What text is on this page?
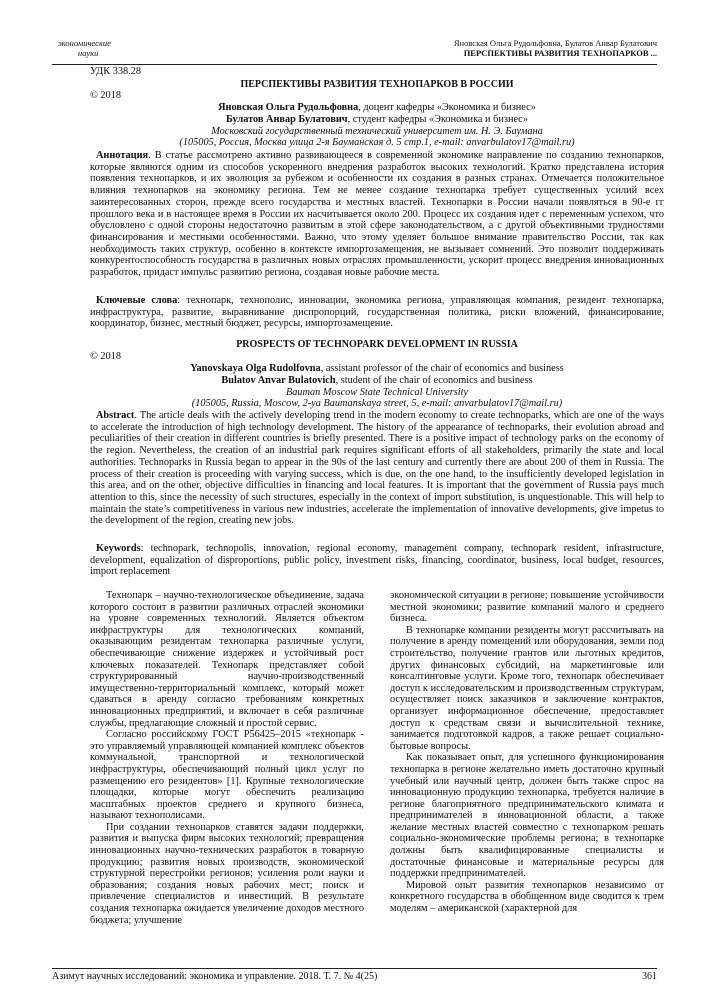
экономические
науки
Яновская Ольга Рудольфовна, Булатов Анвар Булатович
ПЕРСПЕКТИВЫ РАЗВИТИЯ ТЕХНОПАРКОВ ...
УДК 338.28
ПЕРСПЕКТИВЫ РАЗВИТИЯ ТЕХНОПАРКОВ В РОССИИ
© 2018
Яновская Ольга Рудольфовна, доцент кафедры «Экономика и бизнес»
Булатов Анвар Булатович, студент кафедры «Экономика и бизнес»
Московский государственный технический университет им. Н. Э. Баумана
(105005, Россия, Москва улица 2-я Бауманская д. 5 стр.1, e-mail: anvarbulatov17@mail.ru)
Аннотация. В статье рассмотрено активно развивающееся в современной экономике направление по созданию технопарков, которые являются одним из способов ускоренного внедрения разработок высоких технологий. Кратко представлена история появления технопарков, и их эволюция за рубежом и особенности их создания в разных странах. Отмечается положительное влияния технопарков на экономику региона. Тем не менее создание технопарка требует существенных усилий всех заинтересованных сторон, прежде всего государства и местных властей. Технопарки в России начали появляться в 90-е гг прошлого века и в настоящее время в России их насчитывается около 200. Процесс их создания идет с переменным успехом, что обусловлено с одной стороны недостаточно развитым в этой сфере законодательством, а с другой объективными трудностями финансирования и местными особенностями. Важно, что этому уделяет большое внимание правительство России, так как необходимость таких структур, особенно в контексте импортозамещения, не вызывает сомнений. Это позволит поддерживать конкурентоспособность государства в различных новых отраслях промышленности, ускорит процесс внедрения инновационных разработок, придаст импульс развитию региона, создавая новые рабочие места.
Ключевые слова: технопарк, технополис, инновации, экономика региона, управляющая компания, резидент технопарка, инфраструктура, развитие, выравнивание диспропорций, государственная политика, риски вложений, финансирование, координатор, бизнес, местный бюджет, ресурсы, импортозамещение.
PROSPECTS OF TECHNOPARK DEVELOPMENT IN RUSSIA
© 2018
Yanovskaya Olga Rudolfovna, assistant professor of the chair of economics and business
Bulatov Anvar Bulatovich, student of the chair of economics and business
Bauman Moscow State Technical University
(105005, Russia, Moscow, 2-ya Baumanskaya street, 5, e-mail: anvarbulatov17@mail.ru)
Abstract. The article deals with the actively developing trend in the modern economy to create technoparks, which are one of the ways to accelerate the introduction of high technology development. The history of the appearance of technoparks, their evolution abroad and peculiarities of their creation in different countries is briefly presented. There is a positive impact of technology parks on the economy of the region. Nevertheless, the creation of an industrial park requires significant efforts of all stakeholders, primarily the state and local authorities. Technoparks in Russia began to appear in the 90s of the last century and currently there are about 200 of them in Russia. The process of their creation is proceeding with varying success, which is due, on the one hand, to the insufficiently developed legislation in this area, and on the other, objective difficulties in financing and local features. It is important that the government of Russia pays much attention to this, since the necessity of such structures, especially in the context of import substitution, is unquestionable. This will help to maintain the state’s competitiveness in various new industries, accelerate the implementation of innovative developments, give impetus to the development of the region, creating new jobs.
Keywords: technopark, technopolis, innovation, regional economy, management company, technopark resident, infrastructure, development, equalization of disproportions, public policy, investment risks, financing, coordinator, business, local budget, resources, import replacement

Технопарк – научно-технологическое объединение, задача которого состоит в развитии различных отраслей экономики на уровне современных технологий. Является объектом инфраструктуры для технологических компаний, оказывающим резидентам технопарка различные услуги, обеспечивающие снижение издержек и устойчивый рост ключевых показателей. Технопарк представляет собой структурированный научно-производственный имущественно-территориальный комплекс, который может сдаваться в аренду согласно требованиям конкретных инновационных предприятий, и включает в себя различные службы, предлагающие сложный и простой сервис.

Согласно российскому ГОСТ Р56425–2015 «технопарк - это управляемый управляющей компанией комплекс объектов коммунальной, транспортной и технологической инфраструктуры, обеспечивающий полный цикл услуг по размещению его резидентов» [1]. Крупные технологические площадки, которые могут обеспечить реализацию масштабных проектов среднего и крупного бизнеса, называют технополисами.

При создании технопарков ставятся задачи поддержки, развития и выпуска фирм высоких технологий; превращения инновационных научно-технических разработок в товарную продукцию; развития новых производств, экономической структурной перестройки регионов; усиления роли науки и образования; создания новых рабочих мест; поиск и привлечение специалистов и инвестиций. В результате создания технопарка ожидается увеличение доходов местного бюджета; улучшение

экономической ситуации в регионе; повышение устойчивости местной экономики; развитие компаний малого и среднего бизнеса.

В технопарке компании резиденты могут рассчитывать на получение в аренду помещений или оборудования, земли под строительство, получение грантов или льготных кредитов, других финансовых субсидий, на маркетинговые или консалтинговые услуги. Кроме того, технопарк обеспечивает доступ к исследовательским и производственным структурам, осуществляет поиск заказчиков и заключение контрактов, организует информационное обеспечение, предоставляет доступ к средствам связи и вычислительной технике, занимается подготовкой кадров, а также решает социально-бытовые вопросы.

Как показывает опыт, для успешного функционирования технопарка в регионе желательно иметь достаточно крупный учебный или научный центр, должен быть также спрос на инновационную продукцию технопарка, требуется наличие в регионе благоприятного предпринимательского климата и предпринимателей в инновационной области, а также желание местных властей совместно с технопарком решать социально-экономические проблемы региона; в технопарке должны быть квалифицированные специалисты и достаточные финансовые и материальные ресурсы для поддержки предпринимателей.

Мировой опыт развития технопарков независимо от конкретного государства в обобщенном виде сводится к трем моделям – американской (характерной для

Азимут научных исследований: экономика и управление. 2018. Т. 7. № 4(25)	361
